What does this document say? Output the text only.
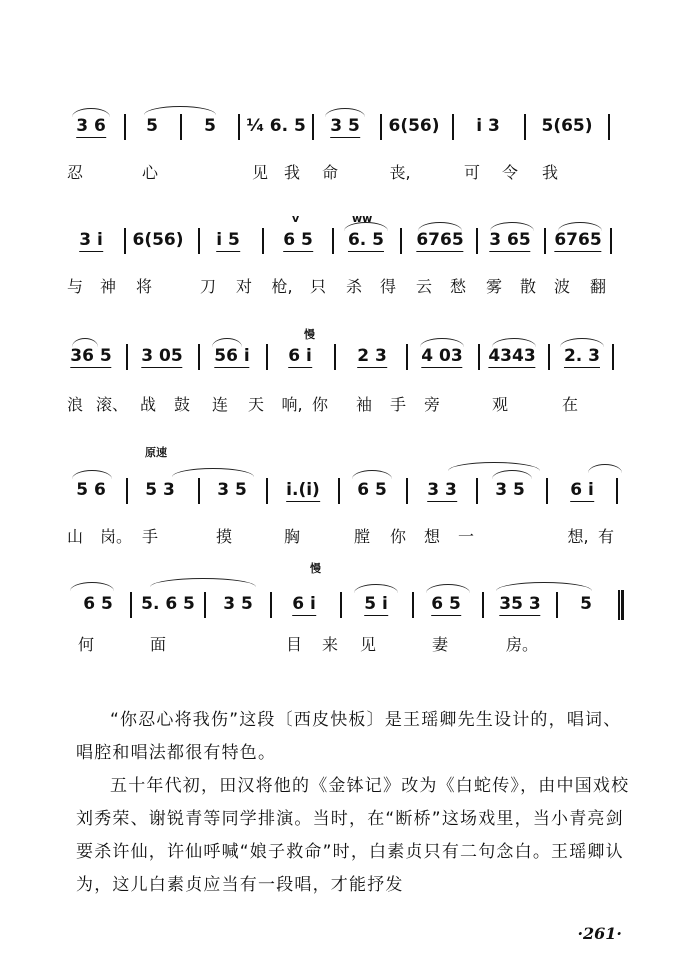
3 6 5	5 ¹⁄₄ 6. 5 3 5 6(56) i 3 5(65)
忍	心	见 我 命	丧,	可 令 我
v	ww
3 i 6(56) i 5	6 5 6. 5 6765 3 65 6765
与 神 将	刀 对 枪, 只 杀 得 云 愁 雾 散 波 翻
慢
36 5 3 05 56 i 6 i	2 3 4 03 4343 2. 3
浪 滚、 战 鼓 连 天 响, 你 袖 手 旁	观	在
原速
5 6 5 3 3 5 i.(i) 6 5 3 3 3 5	6 i
山 岗。 手	摸	胸	膛 你 想 一	想, 有
慢
6 5 5. 6 5 3 5 6 i	5 i	6 5 35 3 5
何	面	目 来 见	妻	房。

“你忍心将我伤”这段〔西皮快板〕是王瑶卿先生设计的，唱词、唱腔和唱法都很有特色。

五十年代初，田汉将他的《金钵记》改为《白蛇传》，由中国戏校刘秀荣、谢锐青等同学排演。当时，在“断桥”这场戏里，当小青亮剑要杀许仙，许仙呼喊“娘子救命”时，白素贞只有二句念白。王瑶卿认为，这儿白素贞应当有一段唱，才能抒发

·261·
